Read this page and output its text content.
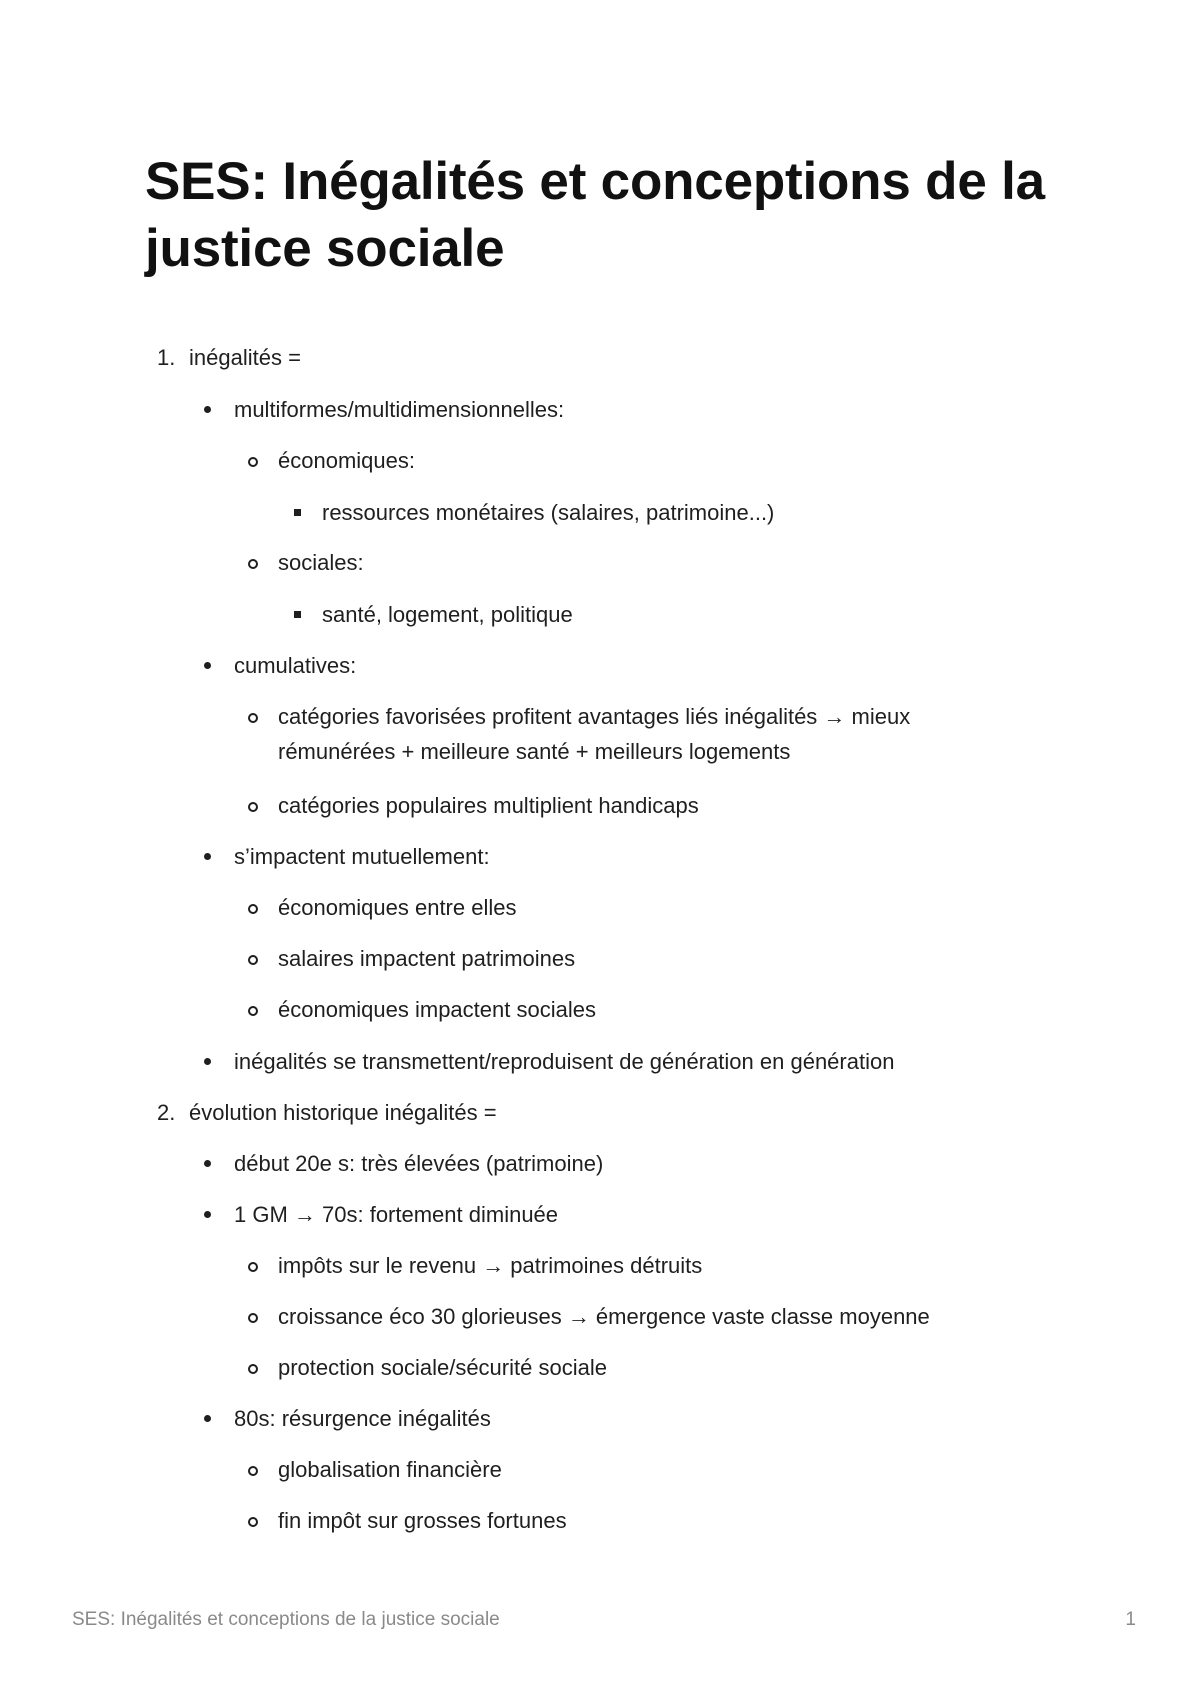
SES: Inégalités et conceptions de la justice sociale
1. inégalités =
multiformes/multidimensionnelles:
économiques:
ressources monétaires (salaires, patrimoine...)
sociales:
santé, logement, politique
cumulatives:
catégories favorisées profitent avantages liés inégalités → mieux rémunérées + meilleure santé + meilleurs logements
catégories populaires multiplient handicaps
s’impactent mutuellement:
économiques entre elles
salaires impactent patrimoines
économiques impactent sociales
inégalités se transmettent/reproduisent de génération en génération
2. évolution historique inégalités =
début 20e s: très élevées (patrimoine)
1 GM → 70s: fortement diminuée
impôts sur le revenu → patrimoines détruits
croissance éco 30 glorieuses → émergence vaste classe moyenne
protection sociale/sécurité sociale
80s: résurgence inégalités
globalisation financière
fin impôt sur grosses fortunes
SES: Inégalités et conceptions de la justice sociale	1
